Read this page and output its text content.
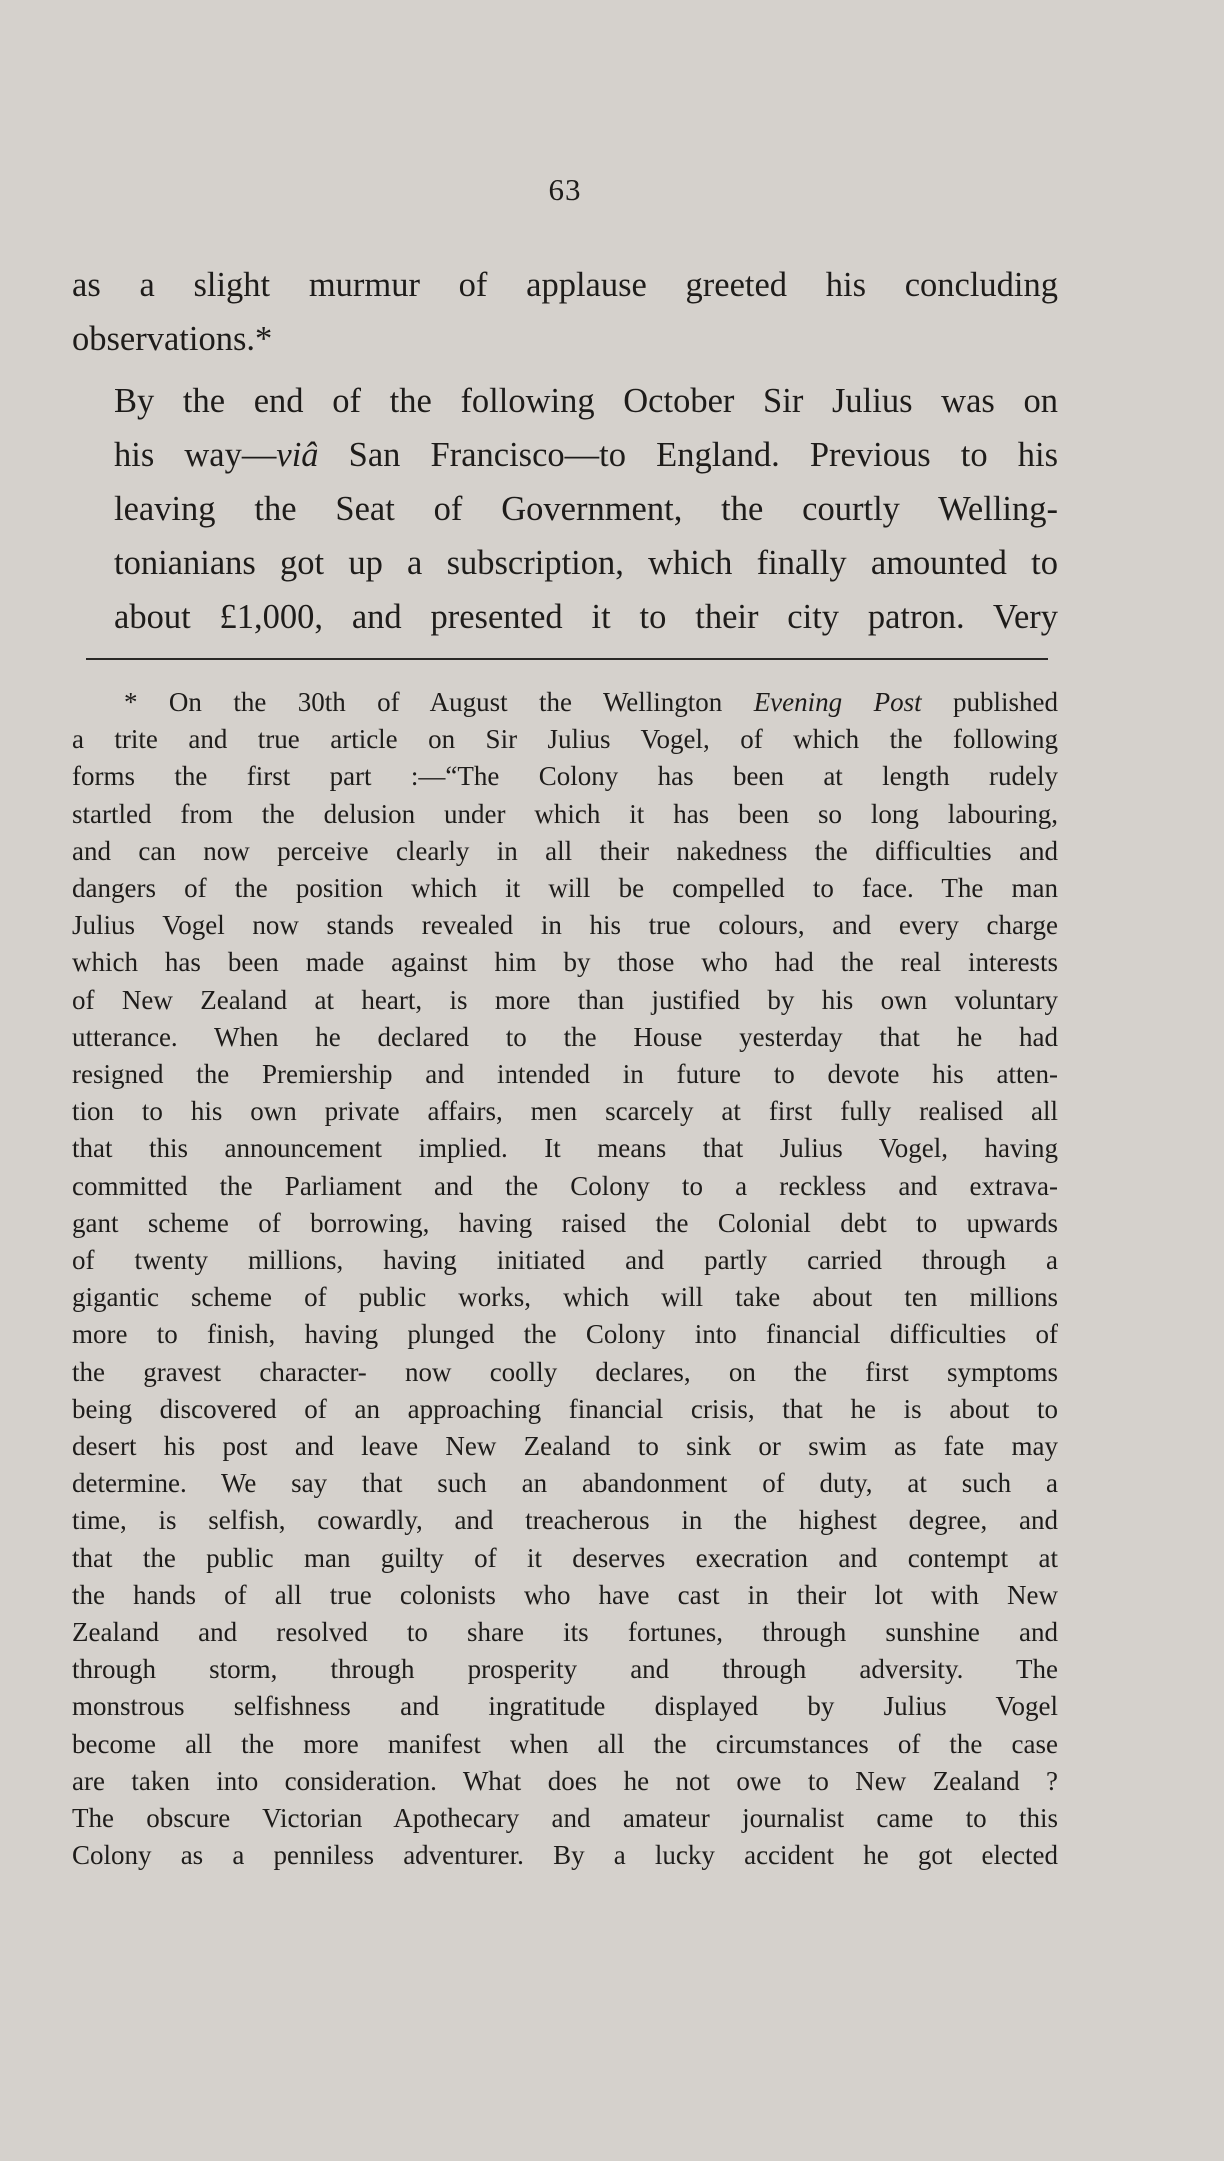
63

as a slight murmur of applause greeted his concluding
observations.*

By the end of the following October Sir Julius was on
his way—viâ San Francisco—to England. Previous to his
leaving the Seat of Government, the courtly Welling-
tonianians got up a subscription, which finally amounted to
about £1,000, and presented it to their city patron. Very

* On the 30th of August the Wellington Evening Post published
a trite and true article on Sir Julius Vogel, of which the following
forms the first part :—“The Colony has been at length rudely
startled from the delusion under which it has been so long labouring,
and can now perceive clearly in all their nakedness the difficulties and
dangers of the position which it will be compelled to face. The man
Julius Vogel now stands revealed in his true colours, and every charge
which has been made against him by those who had the real interests
of New Zealand at heart, is more than justified by his own voluntary
utterance. When he declared to the House yesterday that he had
resigned the Premiership and intended in future to devote his atten-
tion to his own private affairs, men scarcely at first fully realised all
that this announcement implied. It means that Julius Vogel, having
committed the Parliament and the Colony to a reckless and extrava-
gant scheme of borrowing, having raised the Colonial debt to upwards
of twenty millions, having initiated and partly carried through a
gigantic scheme of public works, which will take about ten millions
more to finish, having plunged the Colony into financial difficulties of
the gravest character- now coolly declares, on the first symptoms
being discovered of an approaching financial crisis, that he is about to
desert his post and leave New Zealand to sink or swim as fate may
determine. We say that such an abandonment of duty, at such a
time, is selfish, cowardly, and treacherous in the highest degree, and
that the public man guilty of it deserves execration and contempt at
the hands of all true colonists who have cast in their lot with New
Zealand and resolved to share its fortunes, through sunshine and
through storm, through prosperity and through adversity. The
monstrous selfishness and ingratitude displayed by Julius Vogel
become all the more manifest when all the circumstances of the case
are taken into consideration. What does he not owe to New Zealand ?
The obscure Victorian Apothecary and amateur journalist came to this
Colony as a penniless adventurer. By a lucky accident he got elected
